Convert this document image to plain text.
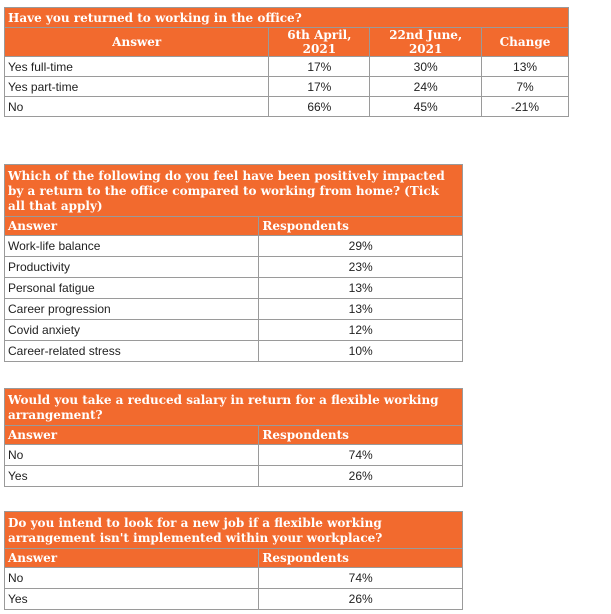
Have you returned to working in the office?			
Answer	6th April, 2021	22nd June, 2021	Change
Yes full-time	17%	30%	13%
Yes part-time	17%	24%	7%
No	66%	45%	-21%
Which of the following do you feel have been positively impacted by a return to the office compared to working from home? (Tick all that apply)	
Answer	Respondents
Work-life balance	29%
Productivity	23%
Personal fatigue	13%
Career progression	13%
Covid anxiety	12%
Career-related stress	10%
Would you take a reduced salary in return for a flexible working arrangement?	
Answer	Respondents
No	74%
Yes	26%
Do you intend to look for a new job if a flexible working arrangement isn't implemented within your workplace?	
Answer	Respondents
No	74%
Yes	26%
